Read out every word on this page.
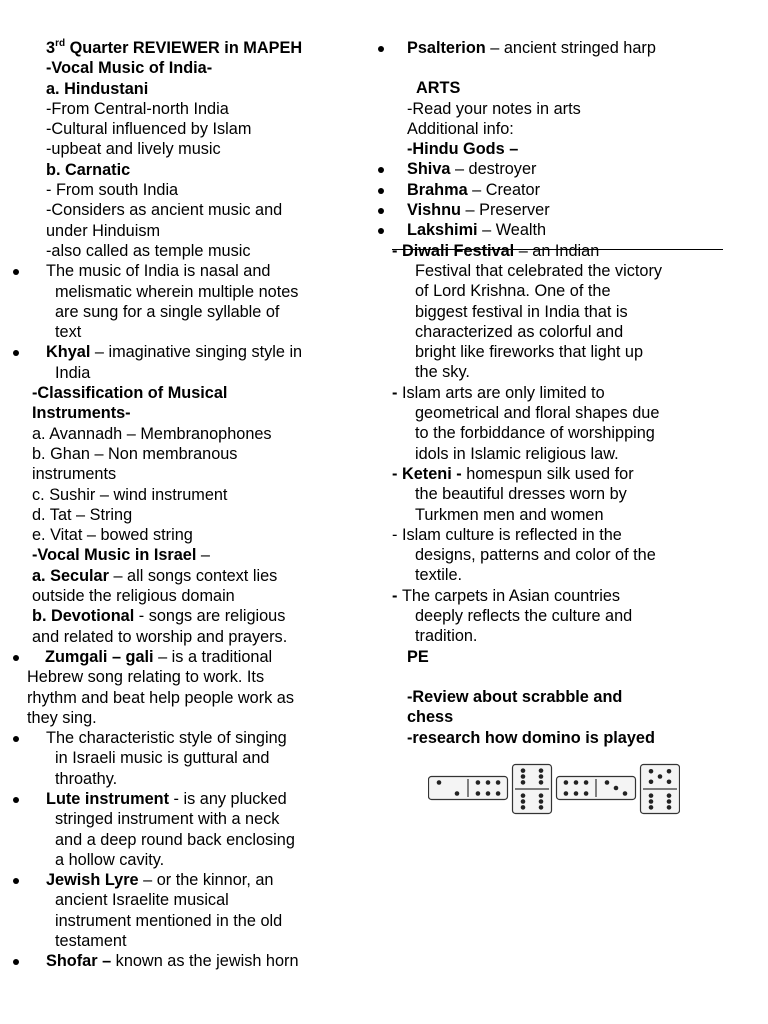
3rd Quarter REVIEWER in MAPEH
-Vocal Music of India-
a. Hindustani
-From Central-north India
-Cultural influenced by Islam
-upbeat and lively music
b. Carnatic
- From south India
-Considers as ancient music and
under Hinduism
-also called as temple music
The music of India is nasal and
melismatic wherein multiple notes
are sung for a single syllable of
text
Khyal – imaginative singing style in
India
-Classification of Musical
Instruments-
a. Avannadh – Membranophones
b. Ghan – Non membranous
instruments
c. Sushir – wind instrument
d. Tat – String
e. Vitat – bowed string
-Vocal Music in Israel –
a. Secular – all songs context lies
outside the religious domain
b. Devotional - songs are religious
and related to worship and prayers.
Zumgali – gali – is a traditional
Hebrew song relating to work. Its
rhythm and beat help people work as
they sing.
The characteristic style of singing
in Israeli music is guttural and
throathy.
Lute instrument - is any plucked
stringed instrument with a neck
and a deep round back enclosing
a hollow cavity.
Jewish Lyre – or the kinnor, an
ancient Israelite musical
instrument mentioned in the old
testament
Shofar – known as the jewish horn
Psalterion – ancient stringed harp
ARTS
-Read your notes in arts
Additional info:
-Hindu Gods –
Shiva – destroyer
Brahma – Creator
Vishnu – Preserver
Lakshimi – Wealth
- Diwali Festival – an Indian
Festival that celebrated the victory
of Lord Krishna. One of the
biggest festival in India that is
characterized as colorful and
bright like fireworks that light up
the sky.
- Islam arts are only limited to
geometrical and floral shapes due
to the forbiddance of worshipping
idols in Islamic religious law.
- Keteni - homespun silk used for
the beautiful dresses worn by
Turkmen men and women
- Islam culture is reflected in the
designs, patterns and color of the
textile.
- The carpets in Asian countries
deeply reflects the culture and
tradition.
PE
-Review about scrabble and
chess
-research how domino is played
